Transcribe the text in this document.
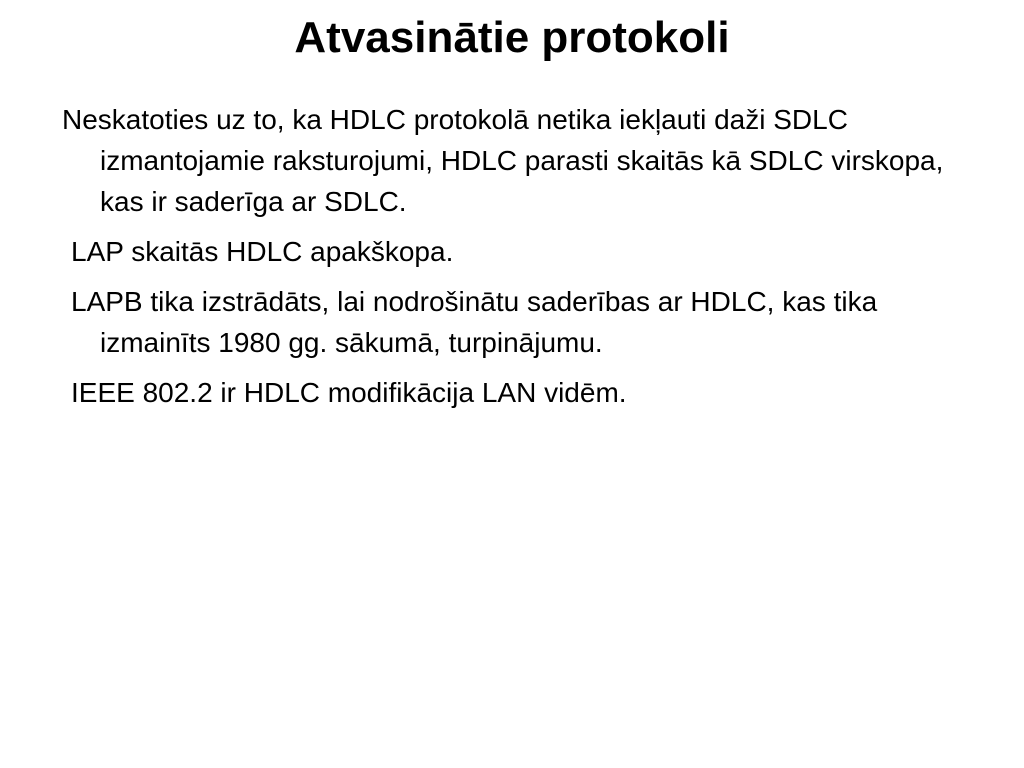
Atvasinātie protokoli
Neskatoties uz to, ka HDLC protokolā netika iekļauti daži SDLC izmantojamie raksturojumi, HDLC parasti skaitās kā SDLC virskopa, kas ir saderīga ar SDLC.
LAP skaitās HDLC apakškopa.
LAPB tika izstrādāts, lai nodrošinātu saderības ar HDLC, kas tika izmainīts 1980 gg. sākumā, turpinājumu.
IEEE 802.2 ir HDLC modifikācija LAN vidēm.
